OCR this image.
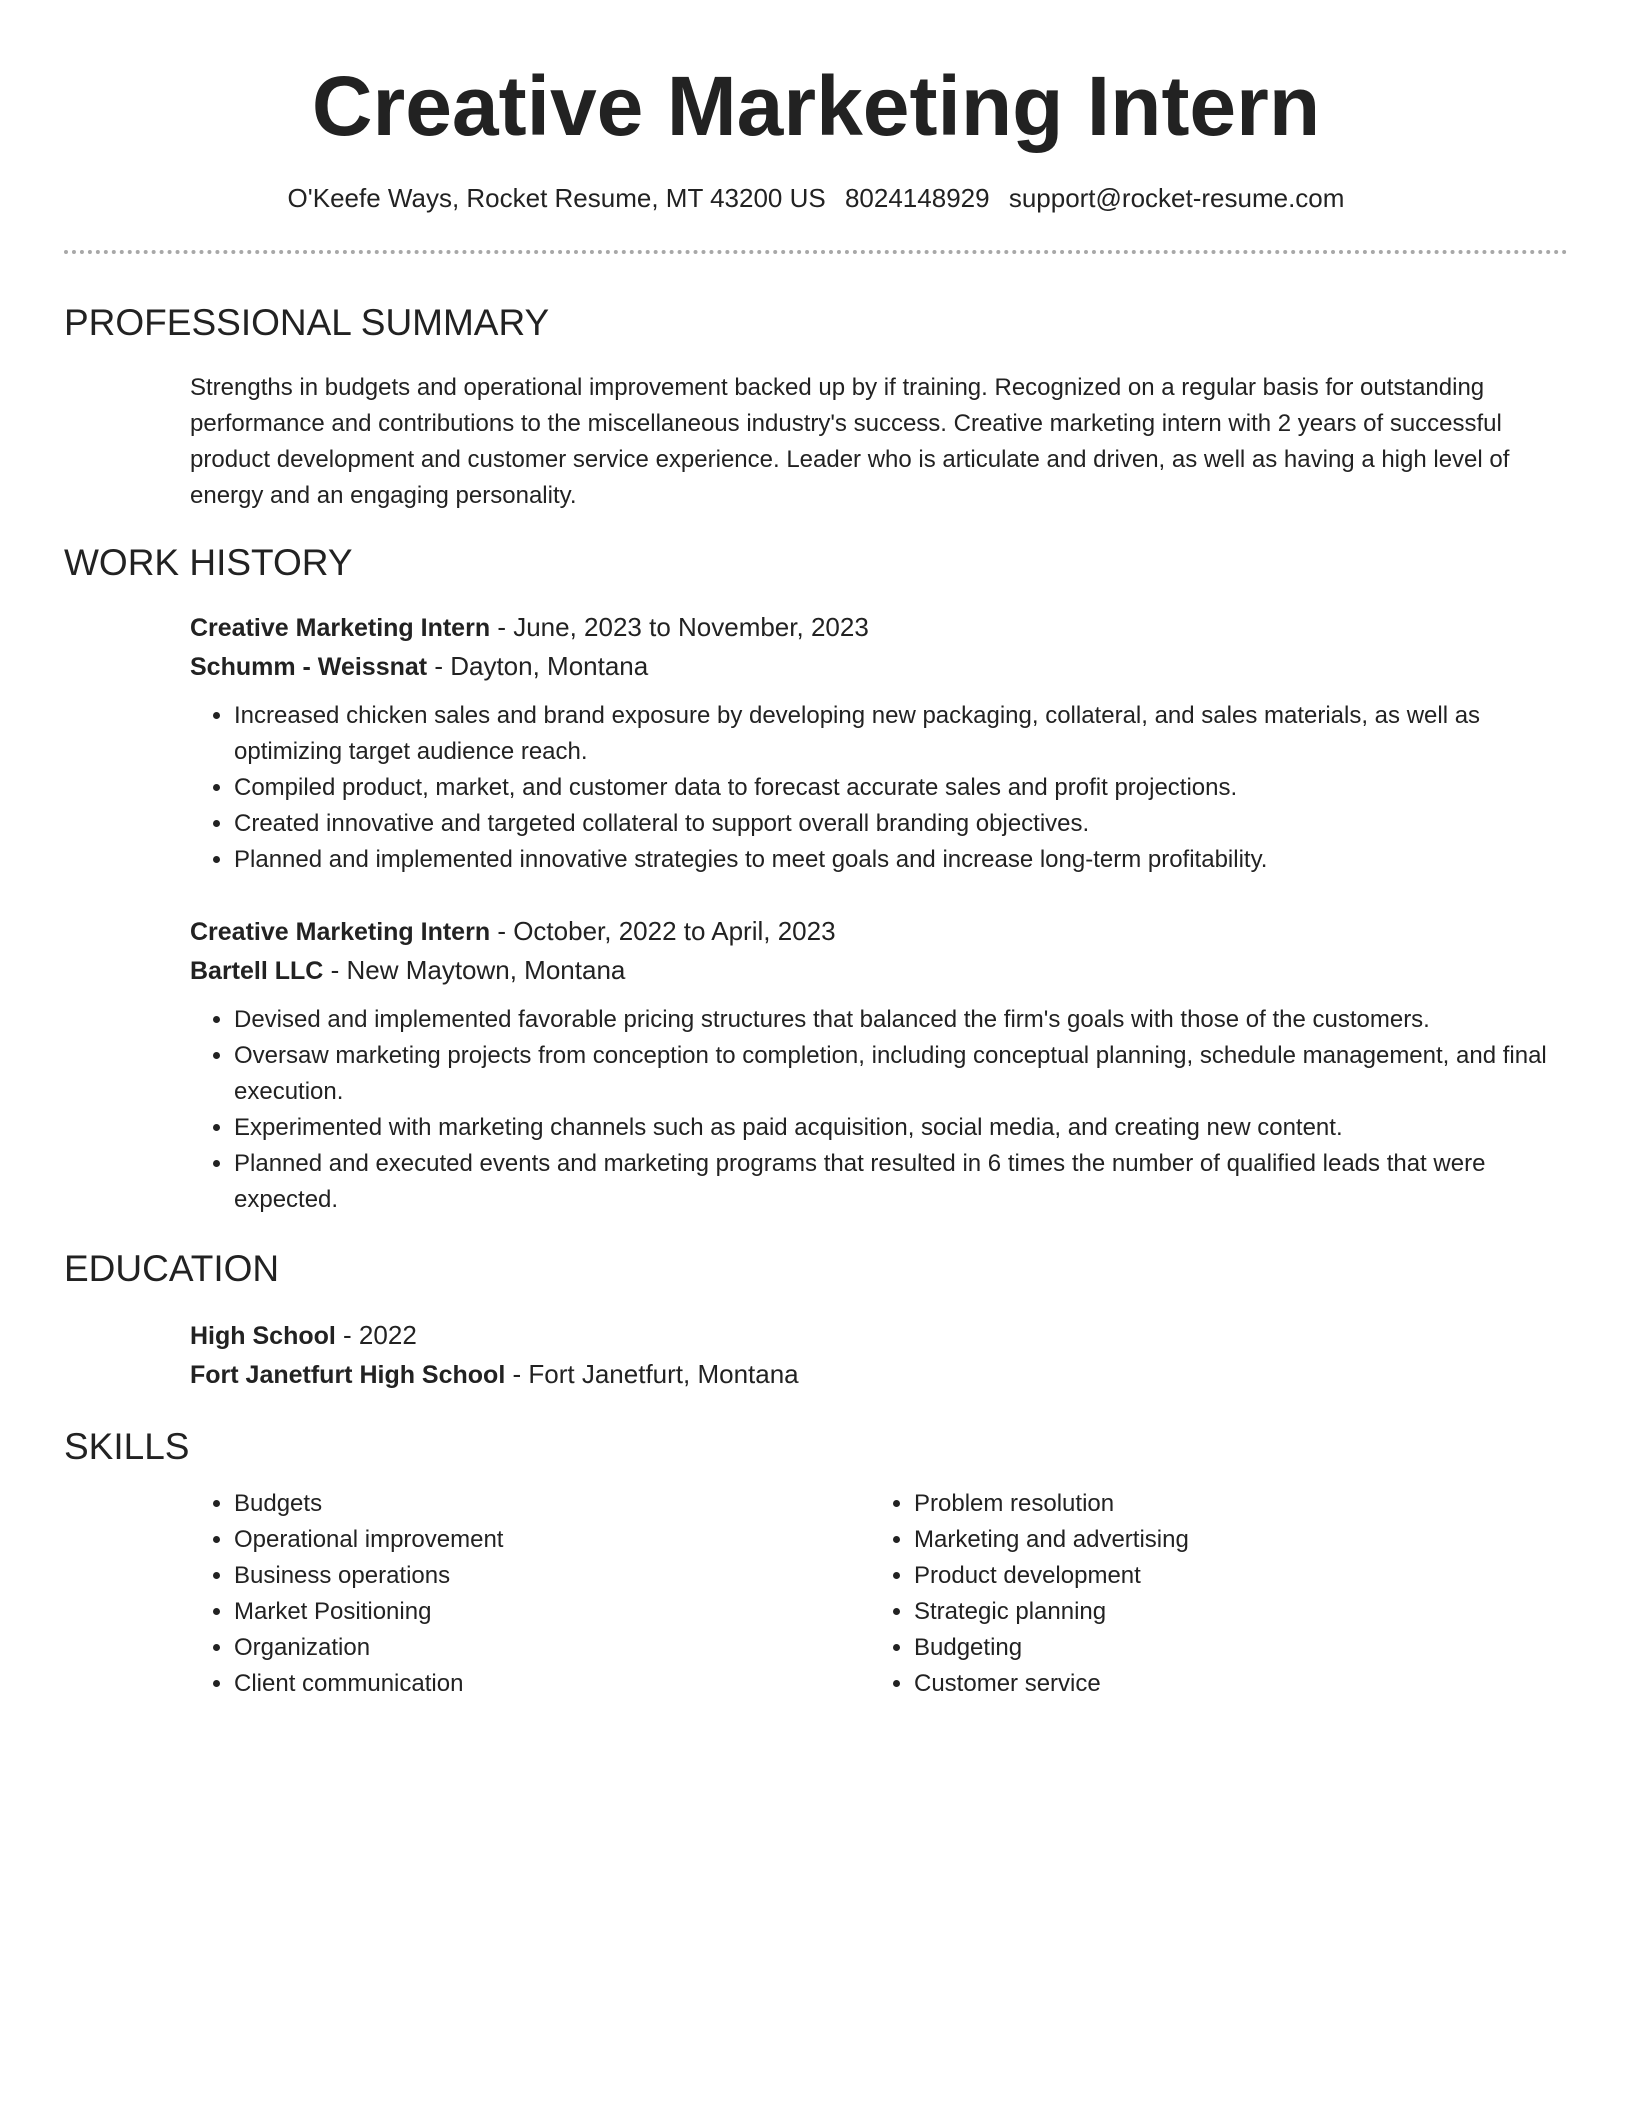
Creative Marketing Intern
O'Keefe Ways, Rocket Resume, MT 43200 US 8024148929 support@rocket-resume.com
PROFESSIONAL SUMMARY
Strengths in budgets and operational improvement backed up by if training. Recognized on a regular basis for outstanding performance and contributions to the miscellaneous industry's success. Creative marketing intern with 2 years of successful product development and customer service experience. Leader who is articulate and driven, as well as having a high level of energy and an engaging personality.
WORK HISTORY
Creative Marketing Intern - June, 2023 to November, 2023
Schumm - Weissnat - Dayton, Montana
• Increased chicken sales and brand exposure by developing new packaging, collateral, and sales materials, as well as optimizing target audience reach.
• Compiled product, market, and customer data to forecast accurate sales and profit projections.
• Created innovative and targeted collateral to support overall branding objectives.
• Planned and implemented innovative strategies to meet goals and increase long-term profitability.
Creative Marketing Intern - October, 2022 to April, 2023
Bartell LLC - New Maytown, Montana
• Devised and implemented favorable pricing structures that balanced the firm's goals with those of the customers.
• Oversaw marketing projects from conception to completion, including conceptual planning, schedule management, and final execution.
• Experimented with marketing channels such as paid acquisition, social media, and creating new content.
• Planned and executed events and marketing programs that resulted in 6 times the number of qualified leads that were expected.
EDUCATION
High School - 2022
Fort Janetfurt High School - Fort Janetfurt, Montana
SKILLS
• Budgets
• Operational improvement
• Business operations
• Market Positioning
• Organization
• Client communication
• Problem resolution
• Marketing and advertising
• Product development
• Strategic planning
• Budgeting
• Customer service
